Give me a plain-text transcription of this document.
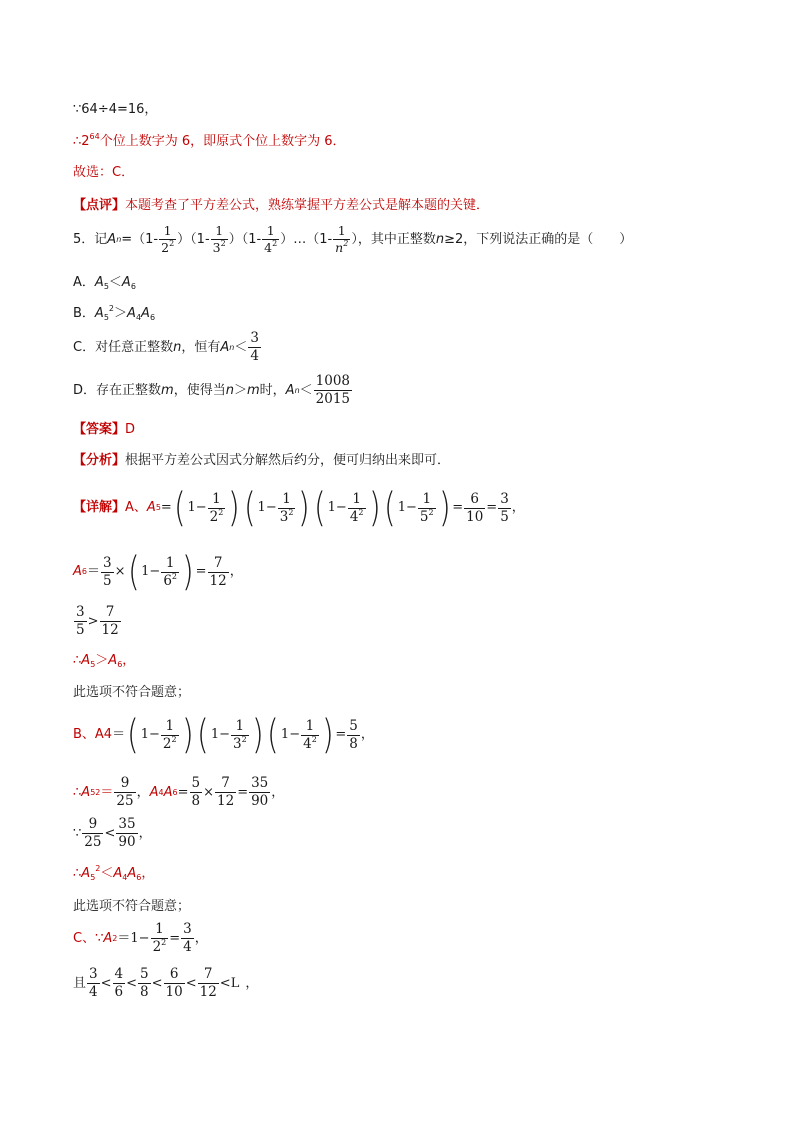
∵64÷4=16，
$\therefore 2^{64}$个位上数字为 6，即原式个位上数字为 6．
故选：C．
【点评】本题考查了平方差公式，熟练掌握平方差公式是解本题的关键．
5．记 A $n =(1- \frac{1}{2^2} )(1- \frac{1}{3^2} )(1- \frac{1}{4^2}$ ）…（1- $\frac{1}{n^2}$ ），其中正整数 n ≥2，下列说法正确的是（　　）
A．$A_5<A_6$
B．$A_5^2>A_4A_6$
C．对任意正整数 n ，恒有 A $n < \frac{3}{4}$
D．存在正整数 m ，使得当 n ＞ m 时， A $n < \frac{1008}{2015}$
【答案】D
【分析】根据平方差公式因式分解然后约分，便可归纳出来即可．
【详解】 A、 A 5 = ( $1 - \frac{1}{2^2}$ ) ( $1 - \frac{1}{3^2}$ ) ( $1 - \frac{1}{4^2}$ ) ( $1 - \frac{1}{5^2}$ ) = $\frac{6}{10} = \frac{3}{5}$ ，
A $6 = \frac{3}{5}$ × ( $1 - \frac{1}{6^2}$ ) = $\frac{7}{12}$ ，
$\frac{3}{5} > \frac{7}{12}$
$\therefore A_5>A_6$，
此选项不符合题意；
B、A4 ＝ ( $1 - \frac{1}{2^2}$ ) ( $1 - \frac{1}{3^2}$ ) ( $1 - \frac{1}{4^2}$ ) = $\frac{5}{8}$ ，
∴ A 5 $2 = \frac{9}{25}$ ， A 4 A $6 = \frac{5}{8} \times \frac{7}{12} = \frac{35}{90}$ ，
∵ $\frac{9}{25} < \frac{35}{90}$ ，
$\therefore A_5^2<A_4A_6$，
此选项不符合题意；
C、∵ A $2 = 1 - \frac{1}{2^2} = \frac{3}{4}$ ，
且 $\frac{3}{4} < \frac{4}{6} < \frac{5}{8} < \frac{6}{10} < \frac{7}{12} < L$ ，
